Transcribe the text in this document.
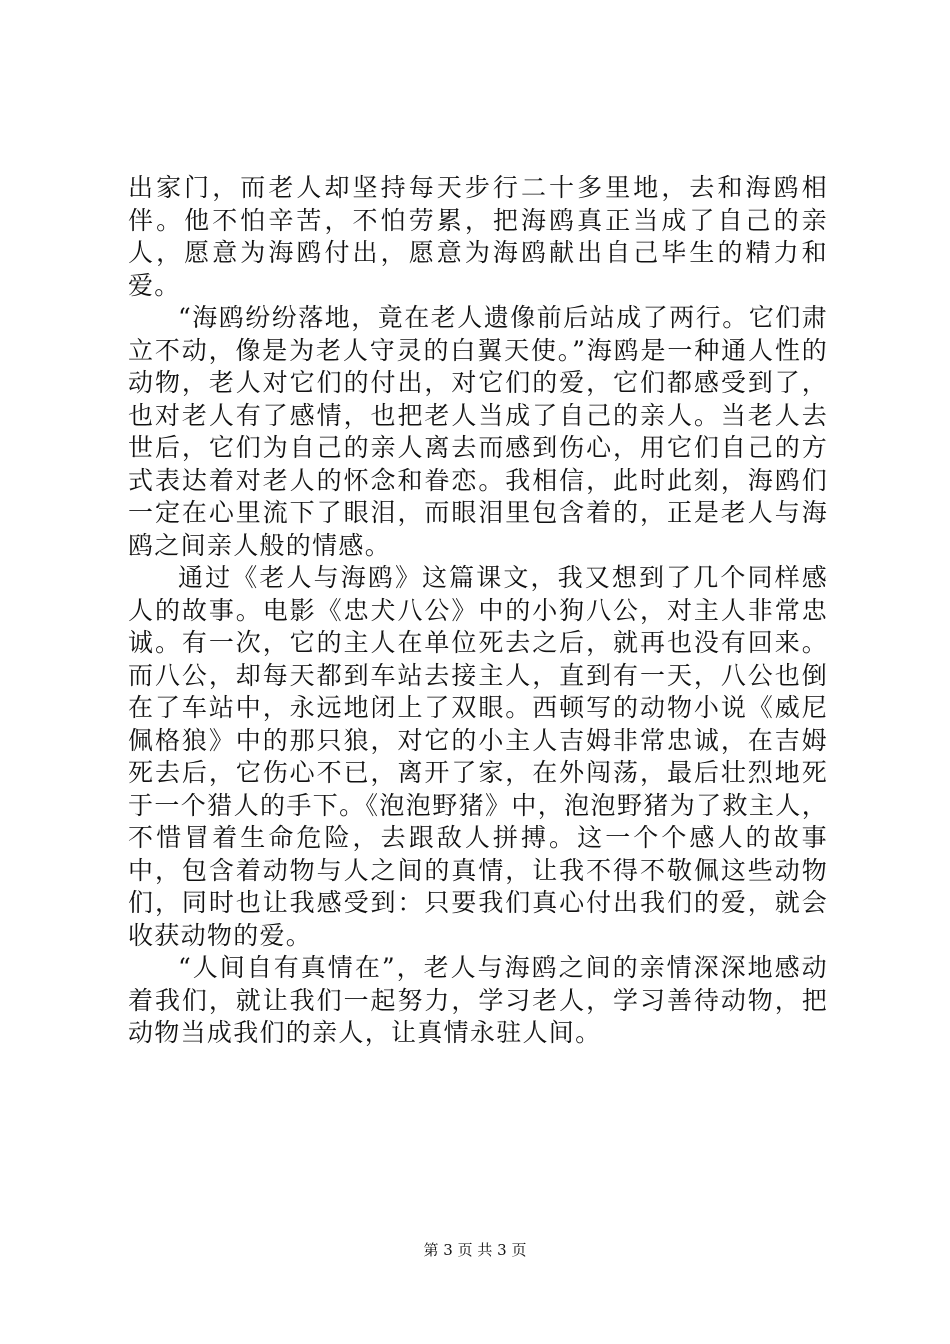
出家门，而老人却坚持每天步行二十多里地，去和海鸥相伴。他不怕辛苦，不怕劳累，把海鸥真正当成了自己的亲人，愿意为海鸥付出，愿意为海鸥献出自己毕生的精力和爱。

“海鸥纷纷落地，竟在老人遗像前后站成了两行。它们肃立不动，像是为老人守灵的白翼天使。”海鸥是一种通人性的动物，老人对它们的付出，对它们的爱，它们都感受到了，也对老人有了感情，也把老人当成了自己的亲人。当老人去世后，它们为自己的亲人离去而感到伤心，用它们自己的方式表达着对老人的怀念和眷恋。我相信，此时此刻，海鸥们一定在心里流下了眼泪，而眼泪里包含着的，正是老人与海鸥之间亲人般的情感。

通过《老人与海鸥》这篇课文，我又想到了几个同样感人的故事。电影《忠犬八公》中的小狗八公，对主人非常忠诚。有一次，它的主人在单位死去之后，就再也没有回来。而八公，却每天都到车站去接主人，直到有一天，八公也倒在了车站中，永远地闭上了双眼。西顿写的动物小说《威尼佩格狼》中的那只狼，对它的小主人吉姆非常忠诚，在吉姆死去后，它伤心不已，离开了家，在外闯荡，最后壮烈地死于一个猎人的手下。《泡泡野猪》中，泡泡野猪为了救主人，不惜冒着生命危险，去跟敌人拼搏。这一个个感人的故事中，包含着动物与人之间的真情，让我不得不敬佩这些动物们，同时也让我感受到：只要我们真心付出我们的爱，就会收获动物的爱。

“人间自有真情在”，老人与海鸥之间的亲情深深地感动着我们，就让我们一起努力，学习老人，学习善待动物，把动物当成我们的亲人，让真情永驻人间。

第 3 页 共 3 页
